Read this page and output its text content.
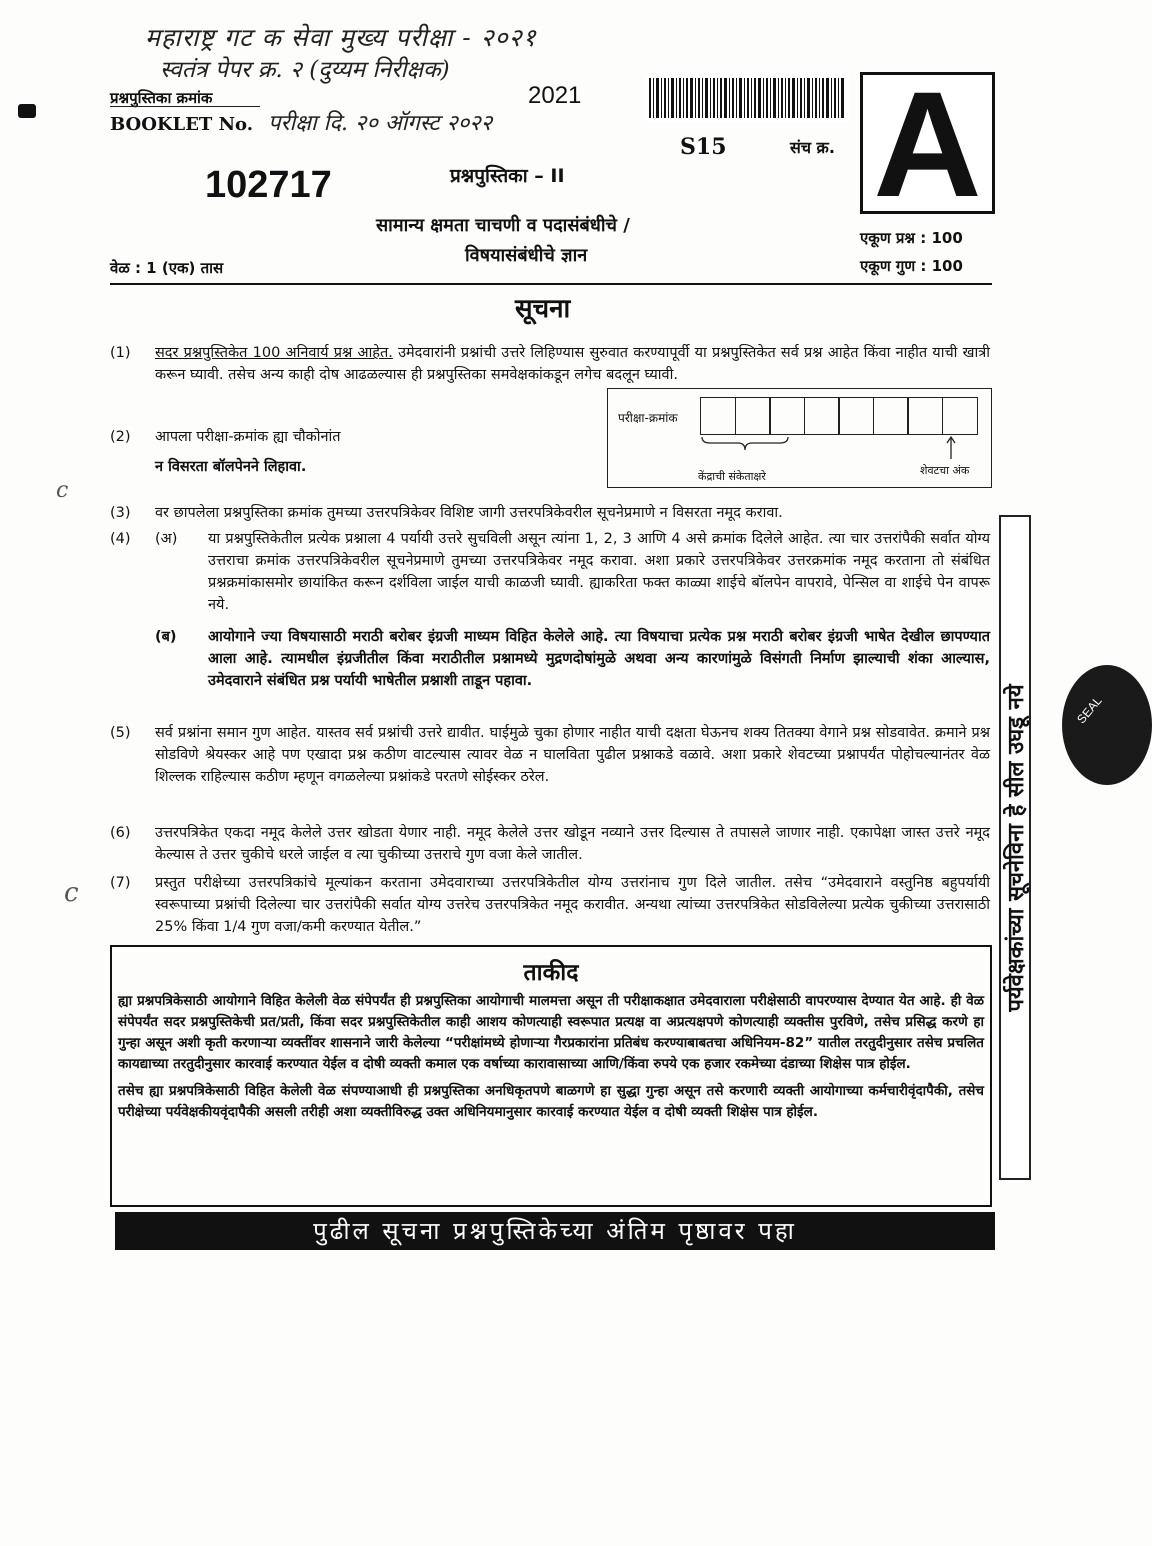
महाराष्ट्र गट क सेवा मुख्य परीक्षा - २०२१
स्वतंत्र पेपर क्र. २ (दुय्यम निरीक्षक)
परीक्षा दि. २० ऑगस्ट २०२२
प्रश्नपुस्तिका क्रमांक
BOOKLET No.
2021
S15	संच क्र. A
102717	प्रश्नपुस्तिका – II
सामान्य क्षमता चाचणी व पदासंबंधीचे /
विषयासंबंधीचे ज्ञान
वेळ : 1 (एक) तास
एकूण प्रश्न : 100
एकूण गुण : 100
सूचना
(1) सदर प्रश्नपुस्तिकेत 100 अनिवार्य प्रश्न आहेत. उमेदवारांनी प्रश्नांची उत्तरे लिहिण्यास सुरुवात करण्यापूर्वी या प्रश्नपुस्तिकेत सर्व प्रश्न आहेत किंवा नाहीत याची खात्री करून घ्यावी. तसेच अन्य काही दोष आढळल्यास ही प्रश्नपुस्तिका समवेक्षकांकडून लगेच बदलून घ्यावी.
(2) आपला परीक्षा-क्रमांक ह्या चौकोनांत
न विसरता बॉलपेनने लिहावा.
परीक्षा-क्रमांक
केंद्राची संकेताक्षरे	शेवटचा अंक
(3) वर छापलेला प्रश्नपुस्तिका क्रमांक तुमच्या उत्तरपत्रिकेवर विशिष्ट जागी उत्तरपत्रिकेवरील सूचनेप्रमाणे न विसरता नमूद करावा.
(4) (अ) या प्रश्नपुस्तिकेतील प्रत्येक प्रश्नाला 4 पर्यायी उत्तरे सुचविली असून त्यांना 1, 2, 3 आणि 4 असे क्रमांक दिलेले आहेत. त्या चार उत्तरांपैकी सर्वात योग्य उत्तराचा क्रमांक उत्तरपत्रिकेवरील सूचनेप्रमाणे तुमच्या उत्तरपत्रिकेवर नमूद करावा. अशा प्रकारे उत्तरपत्रिकेवर उत्तरक्रमांक नमूद करताना तो संबंधित प्रश्नक्रमांकासमोर छायांकित करून दर्शविला जाईल याची काळजी घ्यावी. ह्याकरिता फक्त काळ्या शाईचे बॉलपेन वापरावे, पेन्सिल वा शाईचे पेन वापरू नये.
(ब) आयोगाने ज्या विषयासाठी मराठी बरोबर इंग्रजी माध्यम विहित केलेले आहे. त्या विषयाचा प्रत्येक प्रश्न मराठी बरोबर इंग्रजी भाषेत देखील छापण्यात आला आहे. त्यामधील इंग्रजीतील किंवा मराठीतील प्रश्नामध्ये मुद्रणदोषांमुळे अथवा अन्य कारणांमुळे विसंगती निर्माण झाल्याची शंका आल्यास, उमेदवाराने संबंधित प्रश्न पर्यायी भाषेतील प्रश्नाशी ताडून पहावा.
(5) सर्व प्रश्नांना समान गुण आहेत. यास्तव सर्व प्रश्नांची उत्तरे द्यावीत. घाईमुळे चुका होणार नाहीत याची दक्षता घेऊनच शक्य तितक्या वेगाने प्रश्न सोडवावेत. क्रमाने प्रश्न सोडविणे श्रेयस्कर आहे पण एखादा प्रश्न कठीण वाटल्यास त्यावर वेळ न घालविता पुढील प्रश्नाकडे वळावे. अशा प्रकारे शेवटच्या प्रश्नापर्यंत पोहोचल्यानंतर वेळ शिल्लक राहिल्यास कठीण म्हणून वगळलेल्या प्रश्नांकडे परतणे सोईस्कर ठरेल.
(6) उत्तरपत्रिकेत एकदा नमूद केलेले उत्तर खोडता येणार नाही. नमूद केलेले उत्तर खोडून नव्याने उत्तर दिल्यास ते तपासले जाणार नाही. एकापेक्षा जास्त उत्तरे नमूद केल्यास ते उत्तर चुकीचे धरले जाईल व त्या चुकीच्या उत्तराचे गुण वजा केले जातील.
(7) प्रस्तुत परीक्षेच्या उत्तरपत्रिकांचे मूल्यांकन करताना उमेदवाराच्या उत्तरपत्रिकेतील योग्य उत्तरांनाच गुण दिले जातील. तसेच “उमेदवाराने वस्तुनिष्ठ बहुपर्यायी स्वरूपाच्या प्रश्नांची दिलेल्या चार उत्तरांपैकी सर्वात योग्य उत्तरेच उत्तरपत्रिकेत नमूद करावीत. अन्यथा त्यांच्या उत्तरपत्रिकेत सोडविलेल्या प्रत्येक चुकीच्या उत्तरासाठी 25% किंवा 1/4 गुण वजा/कमी करण्यात येतील.”
ताकीद

ह्या प्रश्नपत्रिकेसाठी आयोगाने विहित केलेली वेळ संपेपर्यंत ही प्रश्नपुस्तिका आयोगाची मालमत्ता असून ती परीक्षाकक्षात उमेदवाराला परीक्षेसाठी वापरण्यास देण्यात येत आहे. ही वेळ संपेपर्यंत सदर प्रश्नपुस्तिकेची प्रत/प्रती, किंवा सदर प्रश्नपुस्तिकेतील काही आशय कोणत्याही स्वरूपात प्रत्यक्ष वा अप्रत्यक्षपणे कोणत्याही व्यक्तीस पुरविणे, तसेच प्रसिद्ध करणे हा गुन्हा असून अशी कृती करणाऱ्या व्यक्तींवर शासनाने जारी केलेल्या “परीक्षांमध्ये होणाऱ्या गैरप्रकारांना प्रतिबंध करण्याबाबतचा अधिनियम-82” यातील तरतुदीनुसार तसेच प्रचलित कायद्याच्या तरतुदीनुसार कारवाई करण्यात येईल व दोषी व्यक्ती कमाल एक वर्षाच्या कारावासाच्या आणि/किंवा रुपये एक हजार रकमेच्या दंडाच्या शिक्षेस पात्र होईल.

तसेच ह्या प्रश्नपत्रिकेसाठी विहित केलेली वेळ संपण्याआधी ही प्रश्नपुस्तिका अनधिकृतपणे बाळगणे हा सुद्धा गुन्हा असून तसे करणारी व्यक्ती आयोगाच्या कर्मचारीवृंदापैकी, तसेच परीक्षेच्या पर्यवेक्षकीयवृंदापैकी असली तरीही अशा व्यक्तीविरुद्ध उक्त अधिनियमानुसार कारवाई करण्यात येईल व दोषी व्यक्ती शिक्षेस पात्र होईल.

पुढील सूचना प्रश्नपुस्तिकेच्या अंतिम पृष्ठावर पहा
पर्यवेक्षकांच्या सूचनेविना हे सील उघडू नये	SEAL
c
c
